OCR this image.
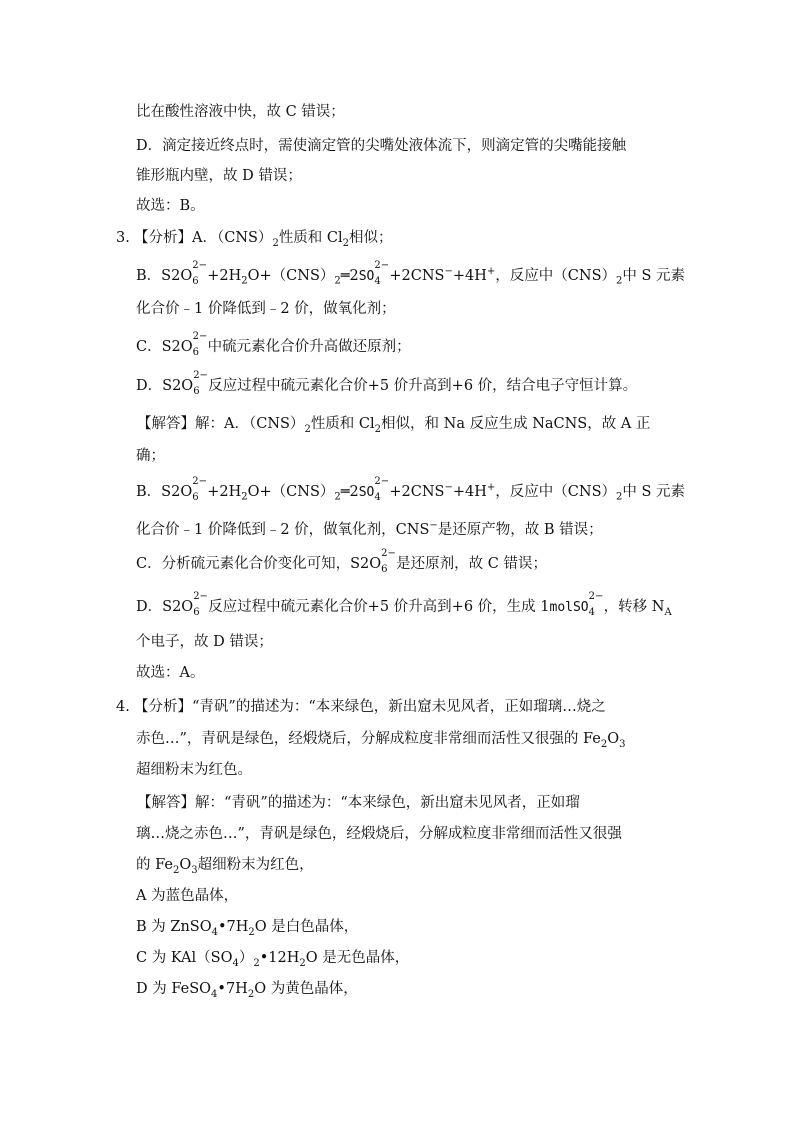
比在酸性溶液中快，故 C 错误；
D．滴定接近终点时，需使滴定管的尖嘴处液体流下，则滴定管的尖嘴能接触
锥形瓶内壁，故 D 错误；
故选：B。
3. 【分析】A．$(CNS)_2$性质和 $Cl_2$相似；
B．S2O
2−
$6 +2H_2O+(CNS)_2═2SO$
2−
4 +2CNS−+4H+，反应中$(CNS)_2$中 S 元素
化合价﹣1 价降低到﹣2 价，做氧化剂；
C．S2O
2−
6 中硫元素化合价升高做还原剂；
D．S2O
2−
6 反应过程中硫元素化合价+5 价升高到+6 价，结合电子守恒计算。
【解答】解：A．$(CNS)_2$性质和 $Cl_2$相似，和 Na 反应生成 NaCNS，故 A 正
确；
B．S2O
2−
$6 +2H_2O+(CNS)_2═2SO$
2−
4 +2CNS−+4H+，反应中$(CNS)_2$中 S 元素
化合价﹣1 价降低到﹣2 价，做氧化剂，CNS−是还原产物，故 B 错误；
C．分析硫元素化合价变化可知，S2O
2−
6 是还原剂，故 C 错误；
D．S2O
2−
6 反应过程中硫元素化合价+5 价升高到+6 价，生成 1molSO
2−
4 ，转移 $N_A$
个电子，故 D 错误；
故选：A。
4. 【分析】“青矾”的描述为：“本来绿色，新出窟未见风者，正如瑠璃…烧之
赤色…”，青矾是绿色，经煅烧后，分解成粒度非常细而活性又很强的 $Fe_2O_3$
超细粉末为红色。
【解答】解：“青矾”的描述为：“本来绿色，新出窟未见风者，正如瑠
璃…烧之赤色…”，青矾是绿色，经煅烧后，分解成粒度非常细而活性又很强
的 $Fe_2O_3$超细粉末为红色，
A 为蓝色晶体，
B 为 $ZnSO_4•7H_2O$ 是白色晶体，
C 为 $KAl(SO_4)_2•12H_2O$ 是无色晶体，
D 为 $FeSO_4•7H_2O$ 为黄色晶体，
